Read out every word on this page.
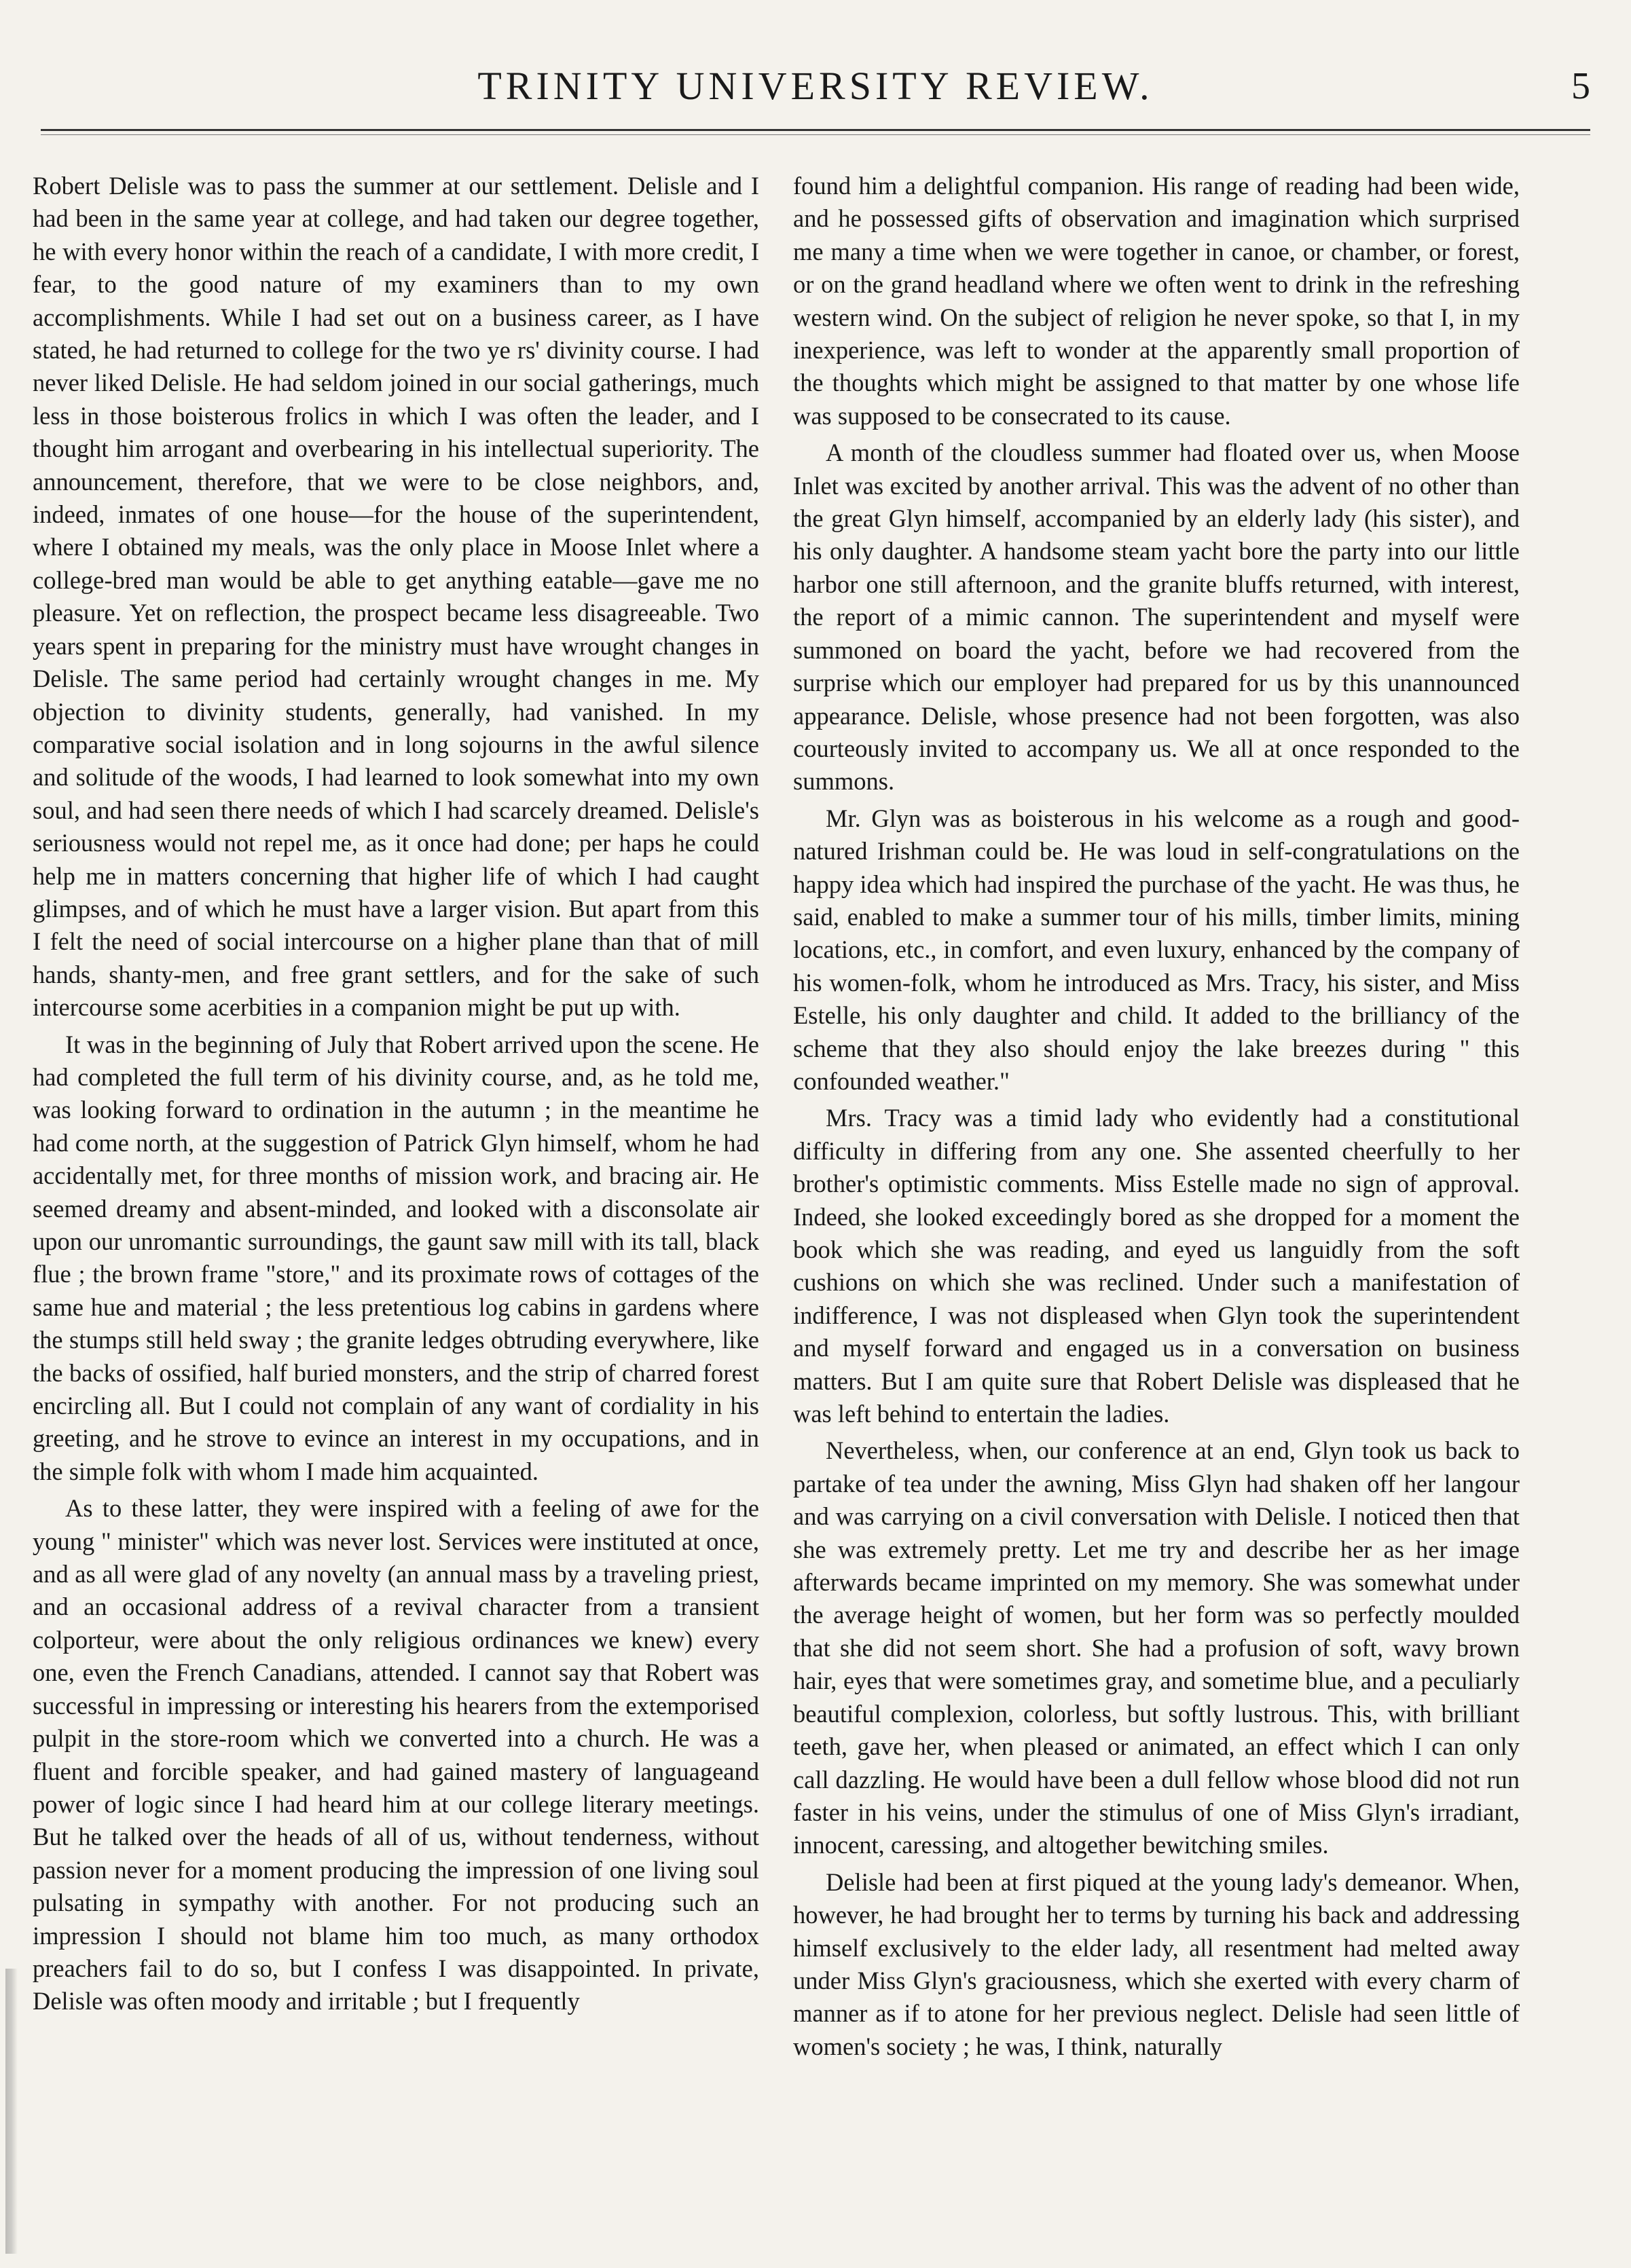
TRINITY UNIVERSITY REVIEW.	5

Robert Delisle was to pass the summer at our settlement. Delisle and I had been in the same year at college, and had taken our degree together, he with every honor within the reach of a candidate, I with more credit, I fear, to the good nature of my examiners than to my own accomplishments. While I had set out on a business career, as I have stated, he had returned to college for the two ye rs' divinity course. I had never liked Delisle. He had seldom joined in our social gatherings, much less in those boisterous frolics in which I was often the leader, and I thought him arrogant and overbearing in his intellectual superiority. The announcement, therefore, that we were to be close neighbors, and, indeed, inmates of one house—for the house of the superintendent, where I obtained my meals, was the only place in Moose Inlet where a college-bred man would be able to get anything eatable—gave me no pleasure. Yet on reflection, the prospect became less disagreeable. Two years spent in preparing for the ministry must have wrought changes in Delisle. The same period had certainly wrought changes in me. My objection to divinity students, generally, had vanished. In my comparative social isolation and in long sojourns in the awful silence and solitude of the woods, I had learned to look somewhat into my own soul, and had seen there needs of which I had scarcely dreamed. Delisle's seriousness would not repel me, as it once had done; per haps he could help me in matters concerning that higher life of which I had caught glimpses, and of which he must have a larger vision. But apart from this I felt the need of social intercourse on a higher plane than that of mill hands, shanty-men, and free grant settlers, and for the sake of such intercourse some acerbities in a companion might be put up with.

It was in the beginning of July that Robert arrived upon the scene. He had completed the full term of his divinity course, and, as he told me, was looking forward to ordination in the autumn ; in the meantime he had come north, at the suggestion of Patrick Glyn himself, whom he had accidentally met, for three months of mission work, and bracing air. He seemed dreamy and absent-minded, and looked with a disconsolate air upon our unromantic surroundings, the gaunt saw mill with its tall, black flue ; the brown frame "store," and its proximate rows of cottages of the same hue and material ; the less pretentious log cabins in gardens where the stumps still held sway ; the granite ledges obtruding everywhere, like the backs of ossified, half buried monsters, and the strip of charred forest encircling all. But I could not complain of any want of cordiality in his greeting, and he strove to evince an interest in my occupations, and in the simple folk with whom I made him acquainted.

As to these latter, they were inspired with a feeling of awe for the young " minister" which was never lost. Services were instituted at once, and as all were glad of any novelty (an annual mass by a traveling priest, and an occasional address of a revival character from a transient colporteur, were about the only religious ordinances we knew) every one, even the French Canadians, attended. I cannot say that Robert was successful in impressing or interesting his hearers from the extemporised pulpit in the store-room which we converted into a church. He was a fluent and forcible speaker, and had gained mastery of languageand power of logic since I had heard him at our college literary meetings. But he talked over the heads of all of us, without tenderness, without passion never for a moment producing the impression of one living soul pulsating in sympathy with another. For not producing such an impression I should not blame him too much, as many orthodox preachers fail to do so, but I confess I was disappointed. In private, Delisle was often moody and irritable ; but I frequently

found him a delightful companion. His range of reading had been wide, and he possessed gifts of observation and imagination which surprised me many a time when we were together in canoe, or chamber, or forest, or on the grand headland where we often went to drink in the refreshing western wind. On the subject of religion he never spoke, so that I, in my inexperience, was left to wonder at the apparently small proportion of the thoughts which might be assigned to that matter by one whose life was supposed to be consecrated to its cause.

A month of the cloudless summer had floated over us, when Moose Inlet was excited by another arrival. This was the advent of no other than the great Glyn himself, accompanied by an elderly lady (his sister), and his only daughter. A handsome steam yacht bore the party into our little harbor one still afternoon, and the granite bluffs returned, with interest, the report of a mimic cannon. The superintendent and myself were summoned on board the yacht, before we had recovered from the surprise which our employer had prepared for us by this unannounced appearance. Delisle, whose presence had not been forgotten, was also courteously invited to accompany us. We all at once responded to the summons.

Mr. Glyn was as boisterous in his welcome as a rough and good-natured Irishman could be. He was loud in self-congratulations on the happy idea which had inspired the purchase of the yacht. He was thus, he said, enabled to make a summer tour of his mills, timber limits, mining locations, etc., in comfort, and even luxury, enhanced by the company of his women-folk, whom he introduced as Mrs. Tracy, his sister, and Miss Estelle, his only daughter and child. It added to the brilliancy of the scheme that they also should enjoy the lake breezes during " this confounded weather."

Mrs. Tracy was a timid lady who evidently had a constitutional difficulty in differing from any one. She assented cheerfully to her brother's optimistic comments. Miss Estelle made no sign of approval. Indeed, she looked exceedingly bored as she dropped for a moment the book which she was reading, and eyed us languidly from the soft cushions on which she was reclined. Under such a manifestation of indifference, I was not displeased when Glyn took the superintendent and myself forward and engaged us in a conversation on business matters. But I am quite sure that Robert Delisle was displeased that he was left behind to entertain the ladies.

Nevertheless, when, our conference at an end, Glyn took us back to partake of tea under the awning, Miss Glyn had shaken off her langour and was carrying on a civil conversation with Delisle. I noticed then that she was extremely pretty. Let me try and describe her as her image afterwards became imprinted on my memory. She was somewhat under the average height of women, but her form was so perfectly moulded that she did not seem short. She had a profusion of soft, wavy brown hair, eyes that were sometimes gray, and sometime blue, and a peculiarly beautiful complexion, colorless, but softly lustrous. This, with brilliant teeth, gave her, when pleased or animated, an effect which I can only call dazzling. He would have been a dull fellow whose blood did not run faster in his veins, under the stimulus of one of Miss Glyn's irradiant, innocent, caressing, and altogether bewitching smiles.

Delisle had been at first piqued at the young lady's demeanor. When, however, he had brought her to terms by turning his back and addressing himself exclusively to the elder lady, all resentment had melted away under Miss Glyn's graciousness, which she exerted with every charm of manner as if to atone for her previous neglect. Delisle had seen little of women's society ; he was, I think, naturally
